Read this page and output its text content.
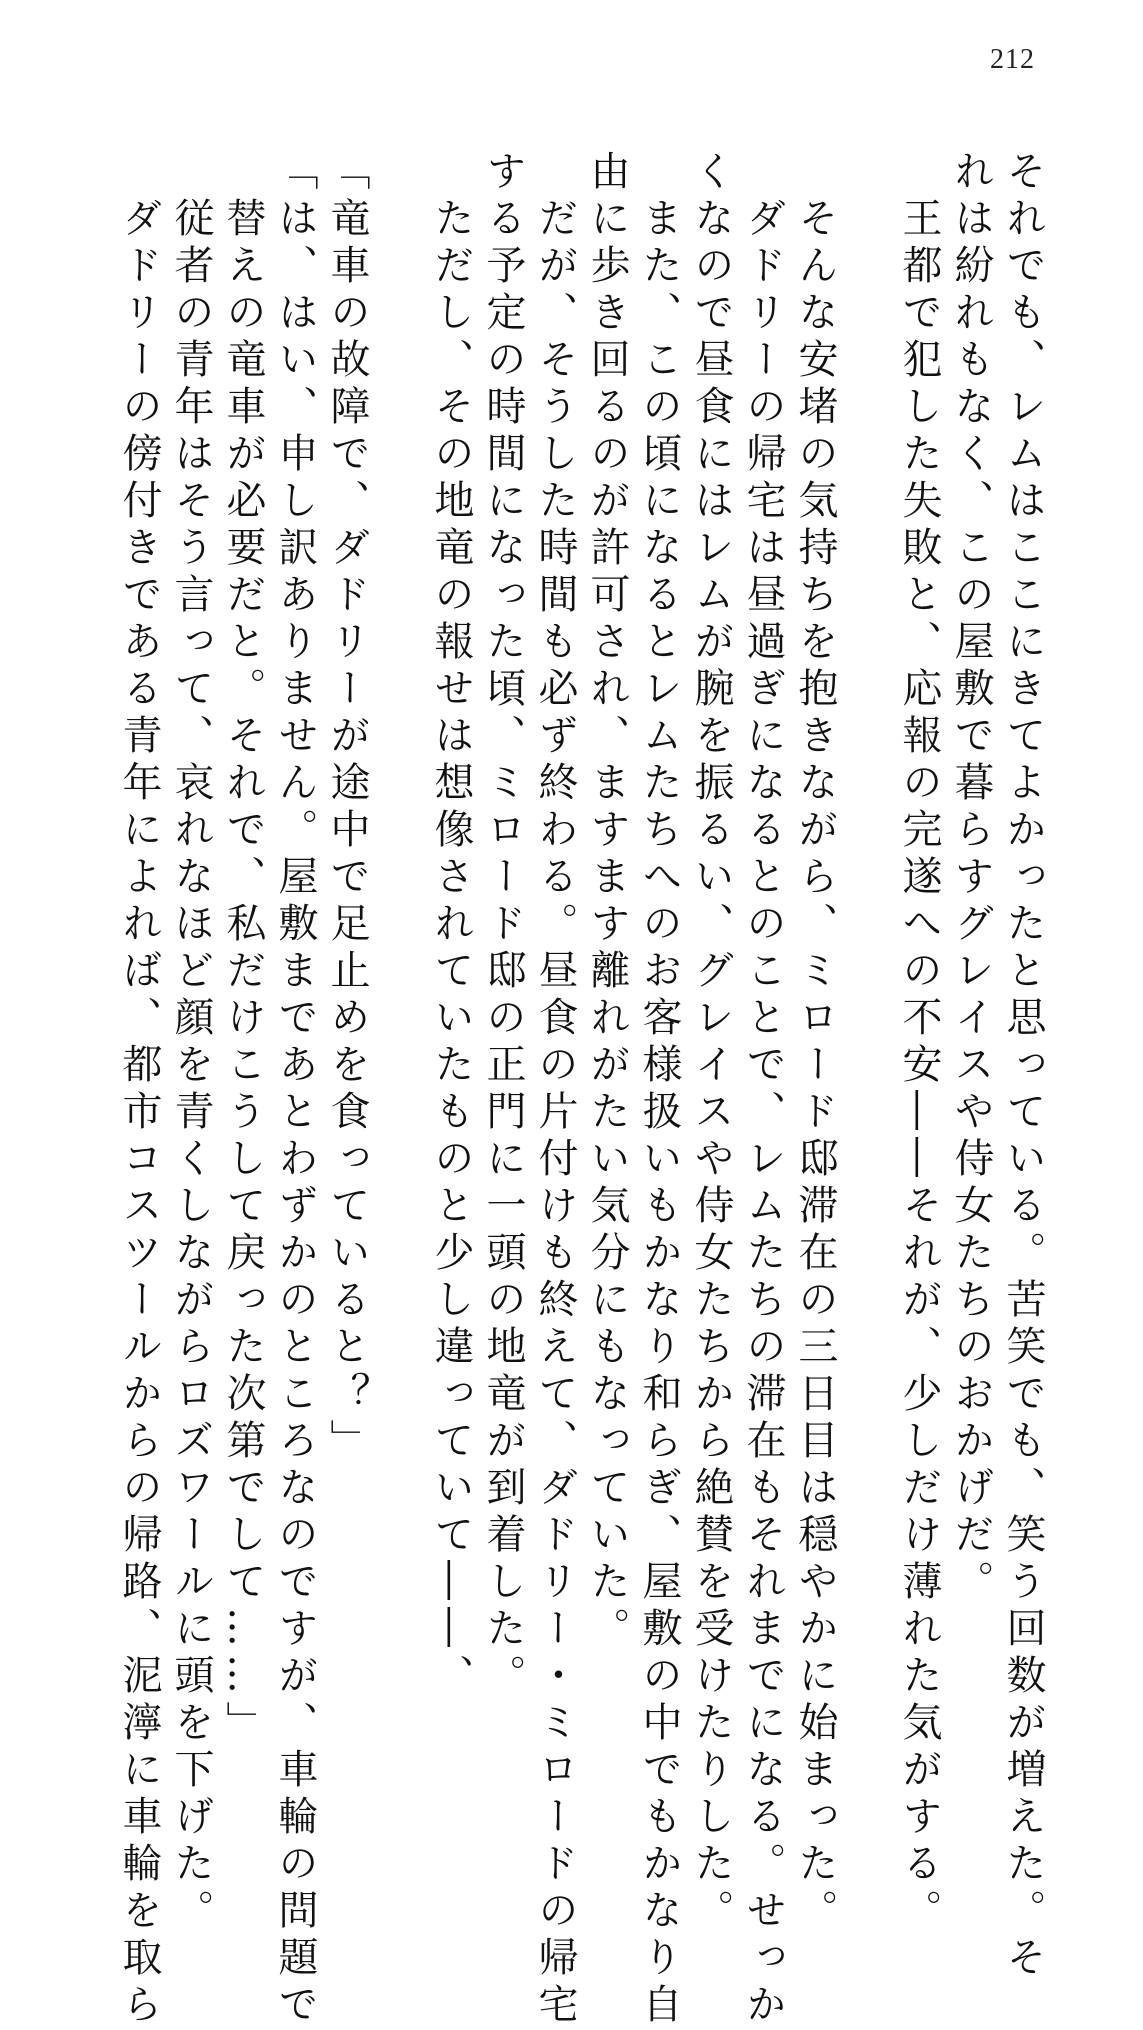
212
それでも、レムはここにきてよかったと思っている。苦笑でも、笑う回数が増えた。そ
れは紛れもなく、この屋敷で暮らすグレイスや侍女たちのおかげだ。
王都で犯した失敗と、応報の完遂への不安――それが、少しだけ薄れた気がする。
そんな安堵の気持ちを抱きながら、ミロード邸滞在の三日目は穏やかに始まった。
ダドリーの帰宅は昼過ぎになるとのことで、レムたちの滞在もそれまでになる。せっか
くなので昼食にはレムが腕を振るい、グレイスや侍女たちから絶賛を受けたりした。
また、この頃になるとレムたちへのお客様扱いもかなり和らぎ、屋敷の中でもかなり自
由に歩き回るのが許可され、ますます離れがたい気分にもなっていた。
だが、そうした時間も必ず終わる。昼食の片付けも終えて、ダドリー・ミロードの帰宅
する予定の時間になった頃、ミロード邸の正門に一頭の地竜が到着した。
ただし、その地竜の報せは想像されていたものと少し違っていて――、
「竜車の故障で、ダドリーが途中で足止めを食っていると？」
「は、はい、申し訳ありません。屋敷まであとわずかのところなのですが、車輪の問題で
替えの竜車が必要だと。それで、私だけこうして戻った次第でして……」
従者の青年はそう言って、哀れなほど顔を青くしながらロズワールに頭を下げた。
ダドリーの傍付きである青年によれば、都市コスツールからの帰路、泥濘に車輪を取ら
